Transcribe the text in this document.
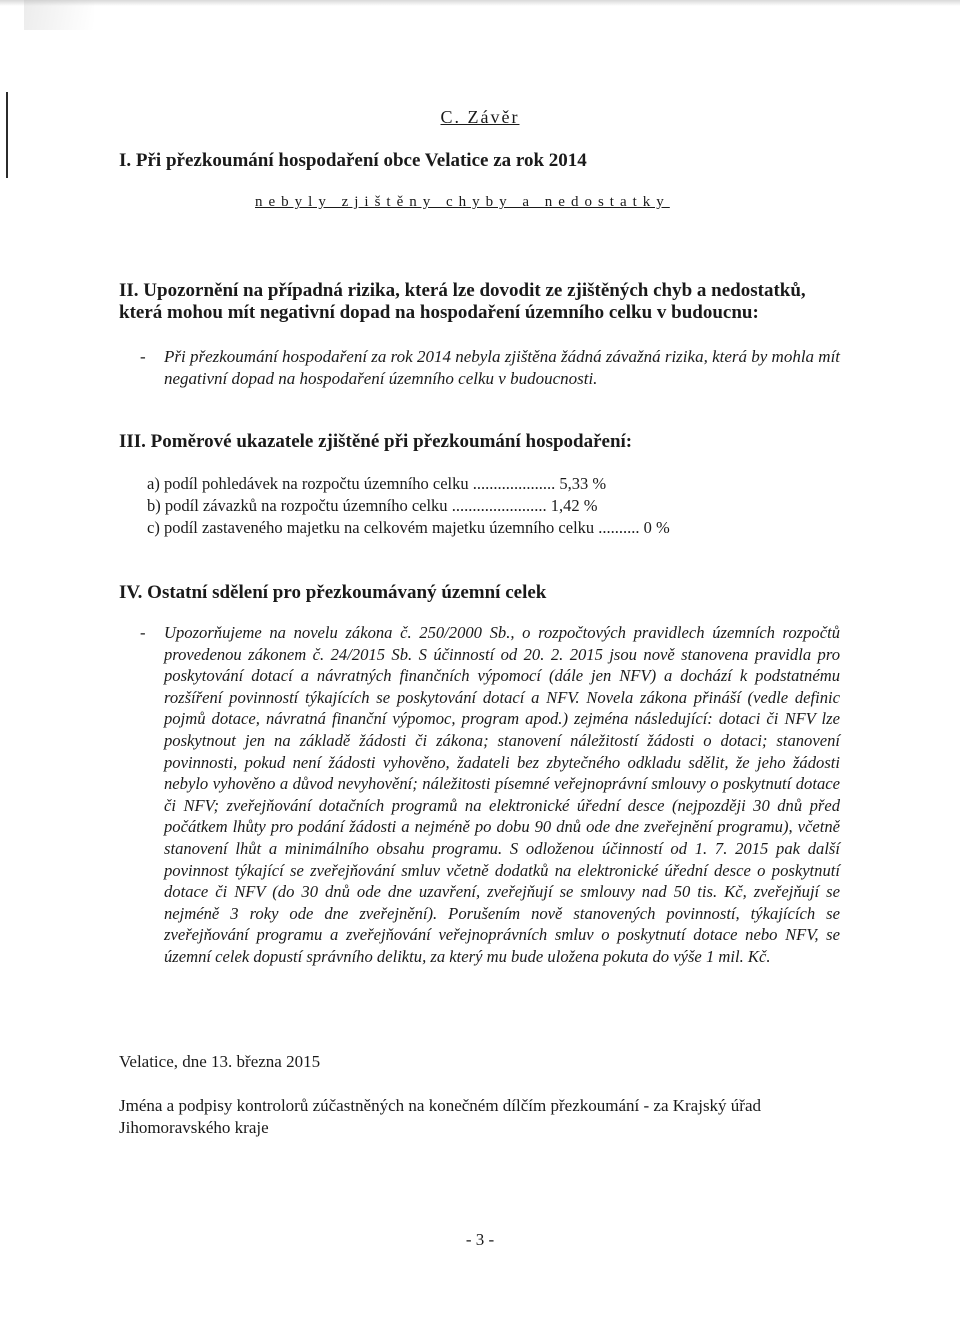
C. Závěr
I. Při přezkoumání hospodaření obce Velatice za rok 2014
nebyly zjištěny chyby a nedostatky
II. Upozornění na případná rizika, která lze dovodit ze zjištěných chyb a nedostatků, která mohou mít negativní dopad na hospodaření územního celku v budoucnu:
-	Při přezkoumání hospodaření za rok 2014 nebyla zjištěna žádná závažná rizika, která by mohla mít negativní dopad na hospodaření územního celku v budoucnosti.
III. Poměrové ukazatele zjištěné při přezkoumání hospodaření:
a) podíl pohledávek na rozpočtu územního celku .................... 5,33 %
b) podíl závazků na rozpočtu územního celku ....................... 1,42 %
c) podíl zastaveného majetku na celkovém majetku územního celku .......... 0 %
IV. Ostatní sdělení pro přezkoumávaný územní celek
-	Upozorňujeme na novelu zákona č. 250/2000 Sb., o rozpočtových pravidlech územních rozpočtů provedenou zákonem č. 24/2015 Sb. S účinností od 20. 2. 2015 jsou nově stanovena pravidla pro poskytování dotací a návratných finančních výpomocí (dále jen NFV) a dochází k podstatnému rozšíření povinností týkajících se poskytování dotací a NFV. Novela zákona přináší (vedle definic pojmů dotace, návratná finanční výpomoc, program apod.) zejména následující: dotaci či NFV lze poskytnout jen na základě žádosti či zákona; stanovení náležitostí žádosti o dotaci; stanovení povinnosti, pokud není žádosti vyhověno, žadateli bez zbytečného odkladu sdělit, že jeho žádosti nebylo vyhověno a důvod nevyhovění; náležitosti písemné veřejnoprávní smlouvy o poskytnutí dotace či NFV; zveřejňování dotačních programů na elektronické úřední desce (nejpozději 30 dnů před počátkem lhůty pro podání žádosti a nejméně po dobu 90 dnů ode dne zveřejnění programu), včetně stanovení lhůt a minimálního obsahu programu. S odloženou účinností od 1. 7. 2015 pak další povinnost týkající se zveřejňování smluv včetně dodatků na elektronické úřední desce o poskytnutí dotace či NFV (do 30 dnů ode dne uzavření, zveřejňují se smlouvy nad 50 tis. Kč, zveřejňují se nejméně 3 roky ode dne zveřejnění). Porušením nově stanovených povinností, týkajících se zveřejňování programu a zveřejňování veřejnoprávních smluv o poskytnutí dotace nebo NFV, se územní celek dopustí správního deliktu, za který mu bude uložena pokuta do výše 1 mil. Kč.
Velatice, dne 13. března 2015
Jména a podpisy kontrolorů zúčastněných na konečném dílčím přezkoumání - za Krajský úřad Jihomoravského kraje
- 3 -
